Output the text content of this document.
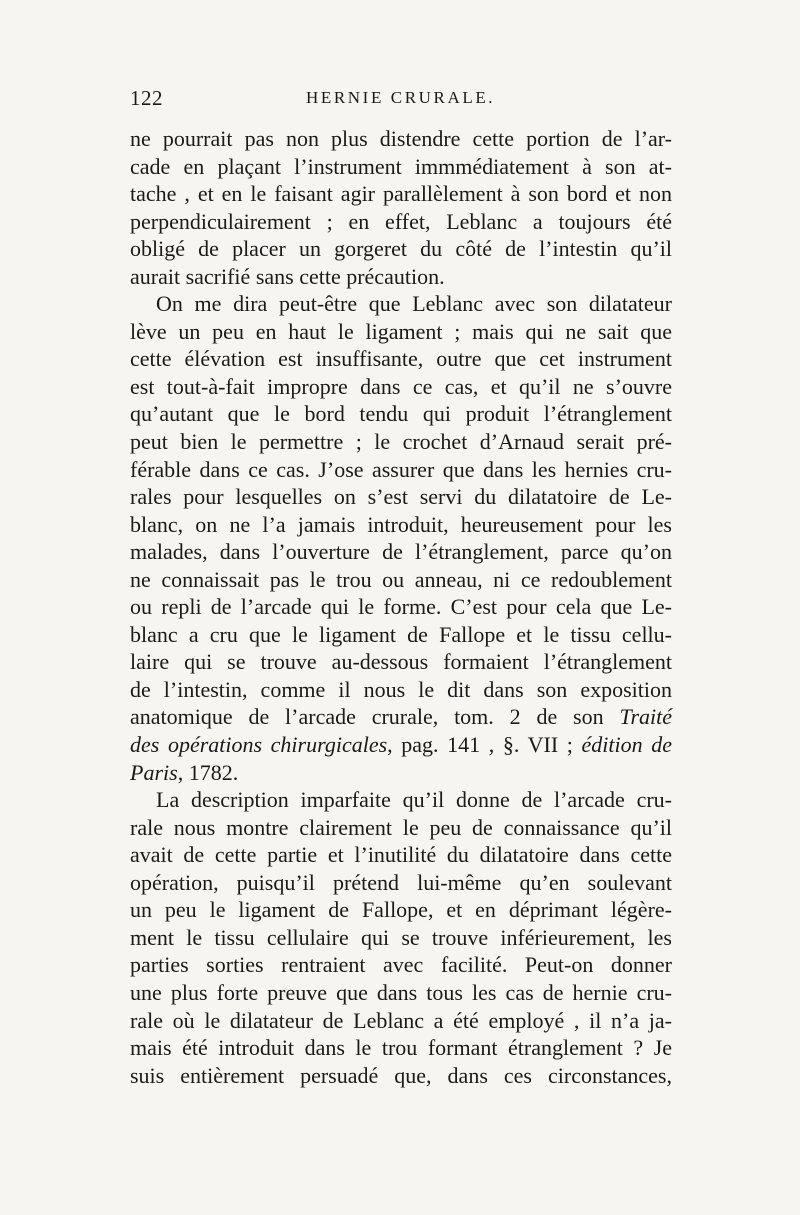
122	HERNIE CRURALE.
ne pourrait pas non plus distendre cette portion de l’ar-
cade en plaçant l’instrument immmédiatement à son at-
tache , et en le faisant agir parallèlement à son bord et non
perpendiculairement ; en effet, Leblanc a toujours été
obligé de placer un gorgeret du côté de l’intestin qu’il
aurait sacrifié sans cette précaution.
On me dira peut-être que Leblanc avec son dilatateur
lève un peu en haut le ligament ; mais qui ne sait que
cette élévation est insuffisante, outre que cet instrument
est tout-à-fait impropre dans ce cas, et qu’il ne s’ouvre
qu’autant que le bord tendu qui produit l’étranglement
peut bien le permettre ; le crochet d’Arnaud serait pré-
férable dans ce cas. J’ose assurer que dans les hernies cru-
rales pour lesquelles on s’est servi du dilatatoire de Le-
blanc, on ne l’a jamais introduit, heureusement pour les
malades, dans l’ouverture de l’étranglement, parce qu’on
ne connaissait pas le trou ou anneau, ni ce redoublement
ou repli de l’arcade qui le forme. C’est pour cela que Le-
blanc a cru que le ligament de Fallope et le tissu cellu-
laire qui se trouve au-dessous formaient l’étranglement
de l’intestin, comme il nous le dit dans son exposition
anatomique de l’arcade crurale, tom. 2 de son Traité
des opérations chirurgicales, pag. 141 , §. VII ; édition de
Paris, 1782.
La description imparfaite qu’il donne de l’arcade cru-
rale nous montre clairement le peu de connaissance qu’il
avait de cette partie et l’inutilité du dilatatoire dans cette
opération, puisqu’il prétend lui-même qu’en soulevant
un peu le ligament de Fallope, et en déprimant légère-
ment le tissu cellulaire qui se trouve inférieurement, les
parties sorties rentraient avec facilité. Peut-on donner
une plus forte preuve que dans tous les cas de hernie cru-
rale où le dilatateur de Leblanc a été employé , il n’a ja-
mais été introduit dans le trou formant étranglement ? Je
suis entièrement persuadé que, dans ces circonstances,
